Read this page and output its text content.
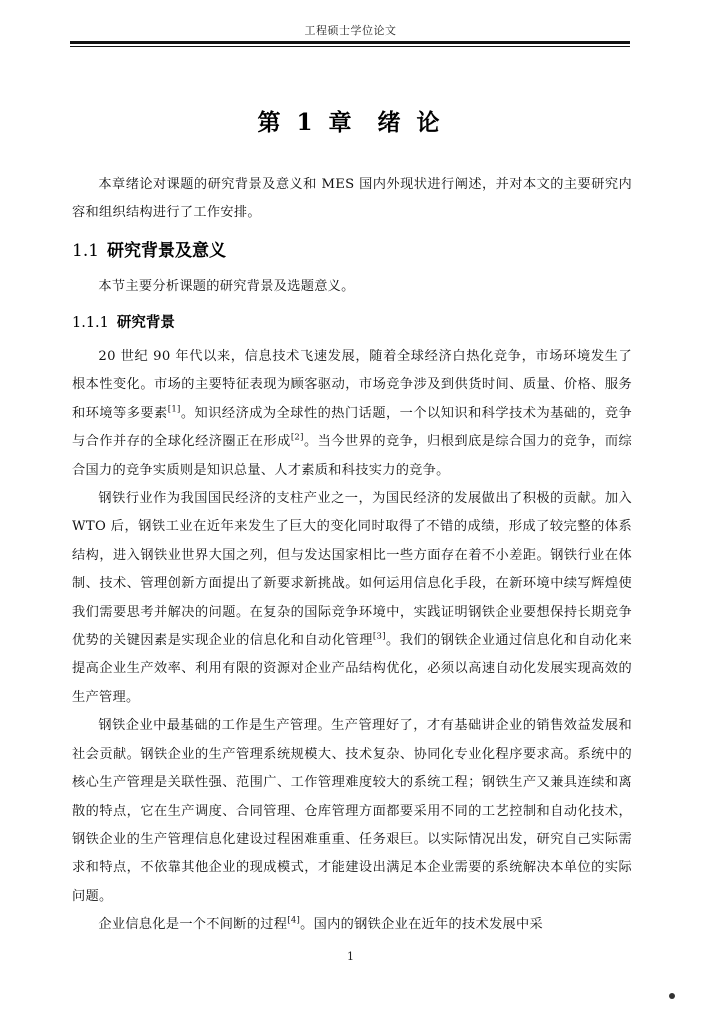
工程硕士学位论文
第 1 章 绪 论

本章绪论对课题的研究背景及意义和 MES 国内外现状进行阐述，并对本文的主要研究内容和组织结构进行了工作安排。

1.1 研究背景及意义

本节主要分析课题的研究背景及选题意义。

1.1.1 研究背景

20 世纪 90 年代以来，信息技术飞速发展，随着全球经济白热化竞争，市场环境发生了根本性变化。市场的主要特征表现为顾客驱动，市场竞争涉及到供货时间、质量、价格、服务和环境等多要素[1]。知识经济成为全球性的热门话题，一个以知识和科学技术为基础的，竞争与合作并存的全球化经济圈正在形成[2]。当今世界的竞争，归根到底是综合国力的竞争，而综合国力的竞争实质则是知识总量、人才素质和科技实力的竞争。

钢铁行业作为我国国民经济的支柱产业之一，为国民经济的发展做出了积极的贡献。加入 WTO 后，钢铁工业在近年来发生了巨大的变化同时取得了不错的成绩，形成了较完整的体系结构，进入钢铁业世界大国之列，但与发达国家相比一些方面存在着不小差距。钢铁行业在体制、技术、管理创新方面提出了新要求新挑战。如何运用信息化手段，在新环境中续写辉煌使我们需要思考并解决的问题。在复杂的国际竞争环境中，实践证明钢铁企业要想保持长期竞争优势的关键因素是实现企业的信息化和自动化管理[3]。我们的钢铁企业通过信息化和自动化来提高企业生产效率、利用有限的资源对企业产品结构优化，必须以高速自动化发展实现高效的生产管理。

钢铁企业中最基础的工作是生产管理。生产管理好了，才有基础讲企业的销售效益发展和社会贡献。钢铁企业的生产管理系统规模大、技术复杂、协同化专业化程序要求高。系统中的核心生产管理是关联性强、范围广、工作管理难度较大的系统工程；钢铁生产又兼具连续和离散的特点，它在生产调度、合同管理、仓库管理方面都要采用不同的工艺控制和自动化技术，钢铁企业的生产管理信息化建设过程困难重重、任务艰巨。以实际情况出发，研究自己实际需求和特点，不依靠其他企业的现成模式，才能建设出满足本企业需要的系统解决本单位的实际问题。

企业信息化是一个不间断的过程[4]。国内的钢铁企业在近年的技术发展中采

1
